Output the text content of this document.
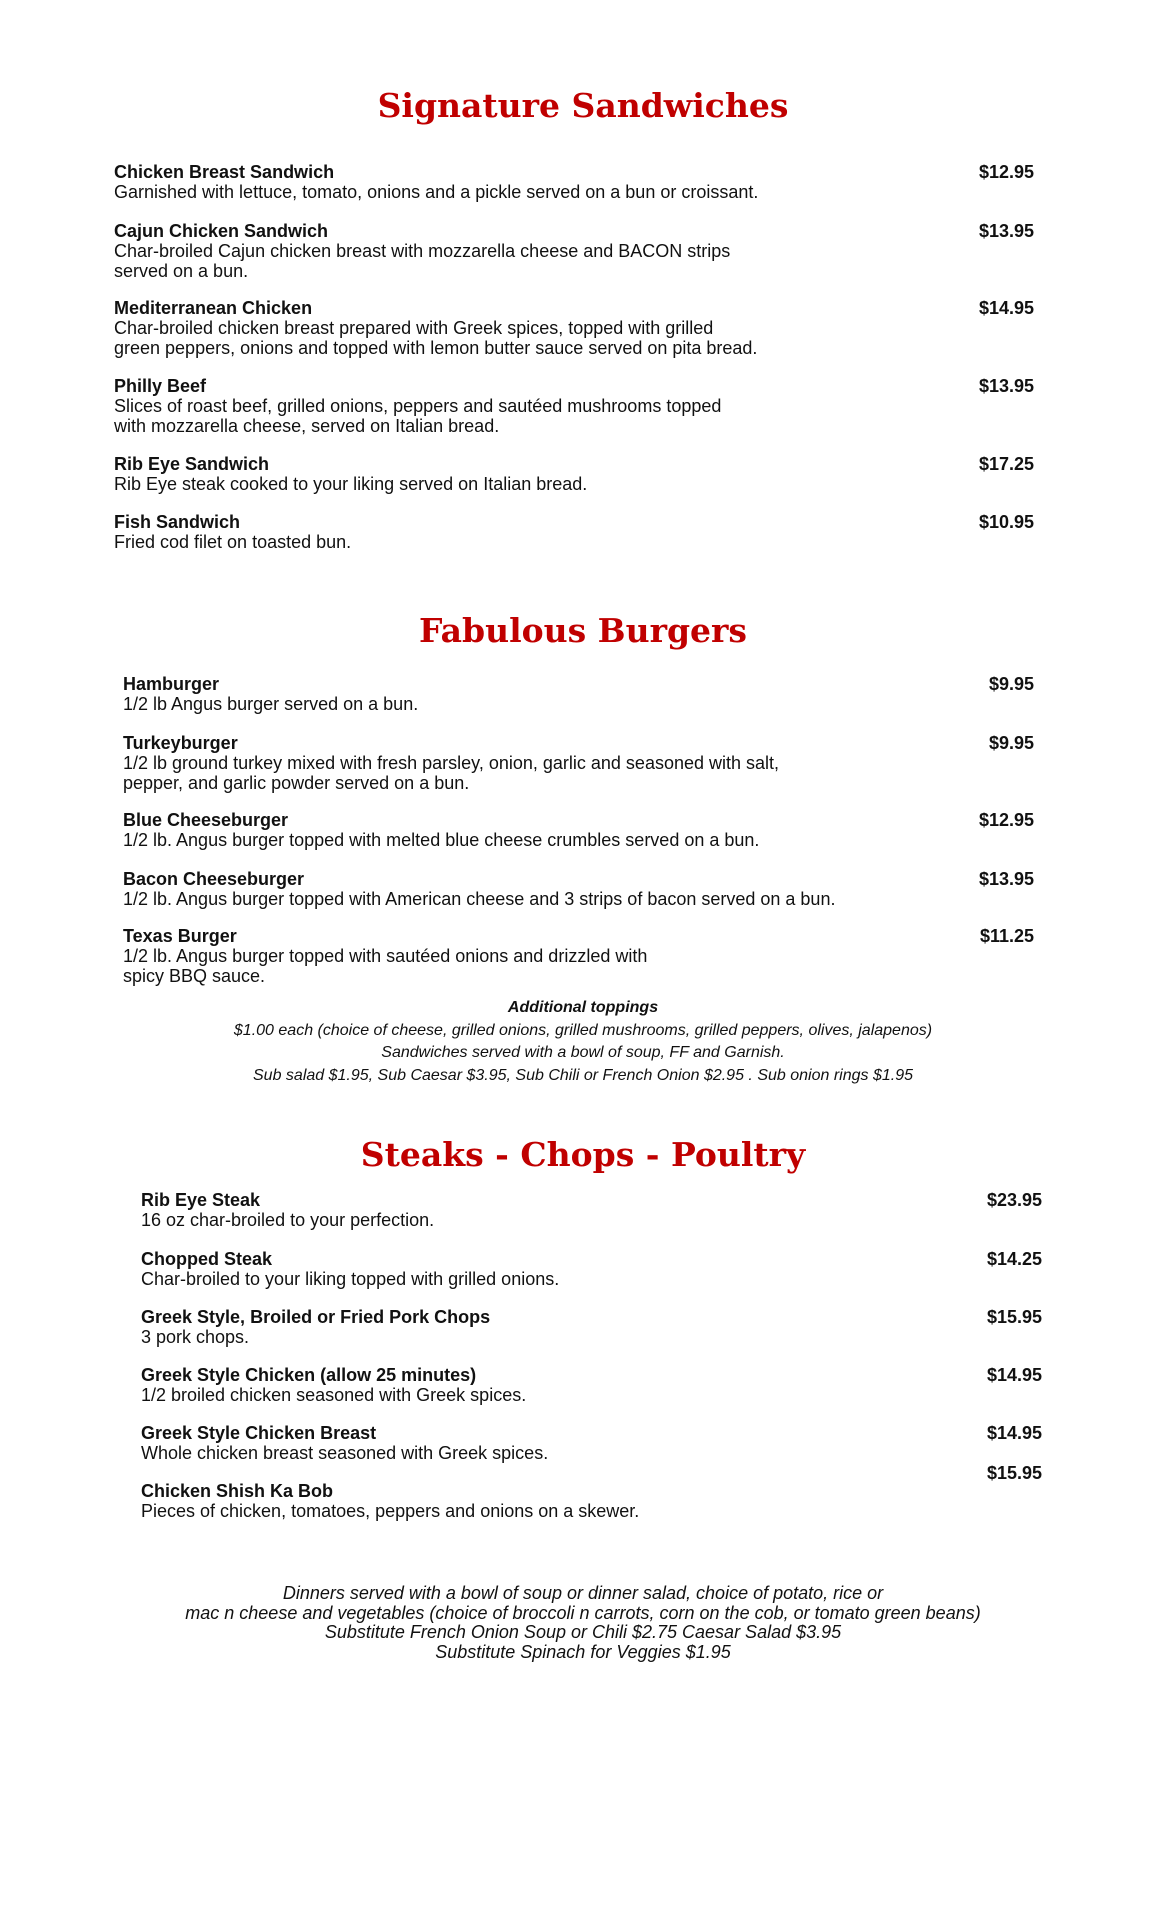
Signature Sandwiches
Chicken Breast Sandwich
Garnished with lettuce, tomato, onions and a pickle served on a bun or croissant.
$12.95
Cajun Chicken Sandwich
Char-broiled Cajun chicken breast with mozzarella cheese and BACON strips
served on a bun.
$13.95
Mediterranean Chicken
Char-broiled chicken breast prepared with Greek spices, topped with grilled
green peppers, onions and topped with lemon butter sauce served on pita bread.
$14.95
Philly Beef
Slices of roast beef, grilled onions, peppers and sautéed mushrooms topped
with mozzarella cheese, served on Italian bread.
$13.95
Rib Eye Sandwich
Rib Eye steak cooked to your liking served on Italian bread.
$17.25
Fish Sandwich
Fried cod filet on toasted bun.
$10.95
Fabulous Burgers
Hamburger
1/2 lb Angus burger served on a bun.
$9.95
Turkeyburger
1/2 lb ground turkey mixed with fresh parsley, onion, garlic and seasoned with salt,
pepper, and garlic powder served on a bun.
$9.95
Blue Cheeseburger
1/2 lb. Angus burger topped with melted blue cheese crumbles served on a bun.
$12.95
Bacon Cheeseburger
1/2 lb. Angus burger topped with American cheese and 3 strips of bacon served on a bun.
$13.95
Texas Burger
1/2 lb. Angus burger topped with sautéed onions and drizzled with
spicy BBQ sauce.
$11.25

Additional toppings

$1.00 each (choice of cheese, grilled onions, grilled mushrooms, grilled peppers, olives, jalapenos)

Sandwiches served with a bowl of soup, FF and Garnish.

Sub salad $1.95, Sub Caesar $3.95, Sub Chili or French Onion $2.95 . Sub onion rings $1.95

Steaks - Chops - Poultry
Rib Eye Steak
16 oz char-broiled to your perfection.
$23.95
Chopped Steak
Char-broiled to your liking topped with grilled onions.
$14.25
Greek Style, Broiled or Fried Pork Chops
3 pork chops.
$15.95
Greek Style Chicken (allow 25 minutes)
1/2 broiled chicken seasoned with Greek spices.
$14.95
Greek Style Chicken Breast
Whole chicken breast seasoned with Greek spices.
$14.95
$15.95
Chicken Shish Ka Bob
Pieces of chicken, tomatoes, peppers and onions on a skewer.

Dinners served with a bowl of soup or dinner salad, choice of potato, rice or

mac n cheese and vegetables (choice of broccoli n carrots, corn on the cob, or tomato green beans)

Substitute French Onion Soup or Chili $2.75 Caesar Salad $3.95

Substitute Spinach for Veggies $1.95
